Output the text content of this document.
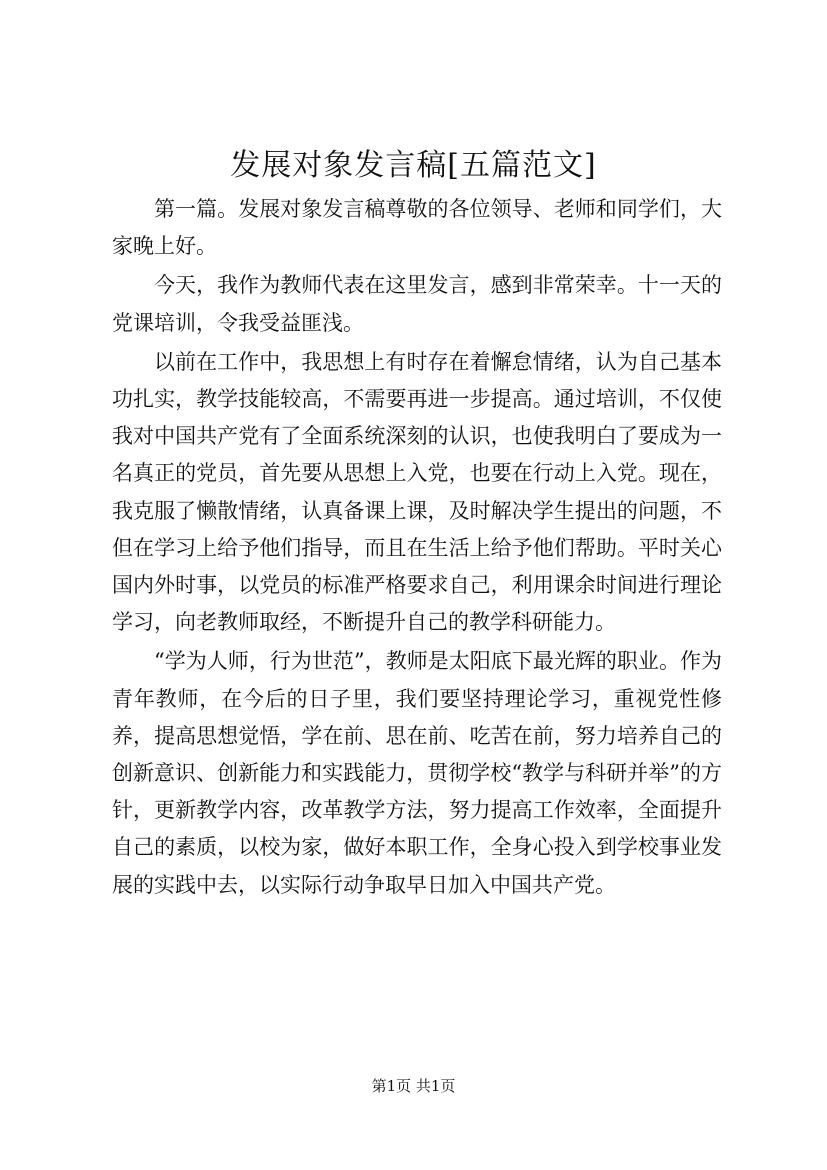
发展对象发言稿[五篇范文]

第一篇。发展对象发言稿尊敬的各位领导、老师和同学们，大家晚上好。

今天，我作为教师代表在这里发言，感到非常荣幸。十一天的党课培训，令我受益匪浅。

以前在工作中，我思想上有时存在着懈怠情绪，认为自己基本功扎实，教学技能较高，不需要再进一步提高。通过培训，不仅使我对中国共产党有了全面系统深刻的认识，也使我明白了要成为一名真正的党员，首先要从思想上入党，也要在行动上入党。现在，我克服了懒散情绪，认真备课上课，及时解决学生提出的问题，不但在学习上给予他们指导，而且在生活上给予他们帮助。平时关心国内外时事，以党员的标准严格要求自己，利用课余时间进行理论学习，向老教师取经，不断提升自己的教学科研能力。

“学为人师，行为世范”，教师是太阳底下最光辉的职业。作为青年教师，在今后的日子里，我们要坚持理论学习，重视党性修养，提高思想觉悟，学在前、思在前、吃苦在前，努力培养自己的创新意识、创新能力和实践能力，贯彻学校“教学与科研并举”的方针，更新教学内容，改革教学方法，努力提高工作效率，全面提升自己的素质，以校为家，做好本职工作，全身心投入到学校事业发展的实践中去，以实际行动争取早日加入中国共产党。

第1页 共1页
